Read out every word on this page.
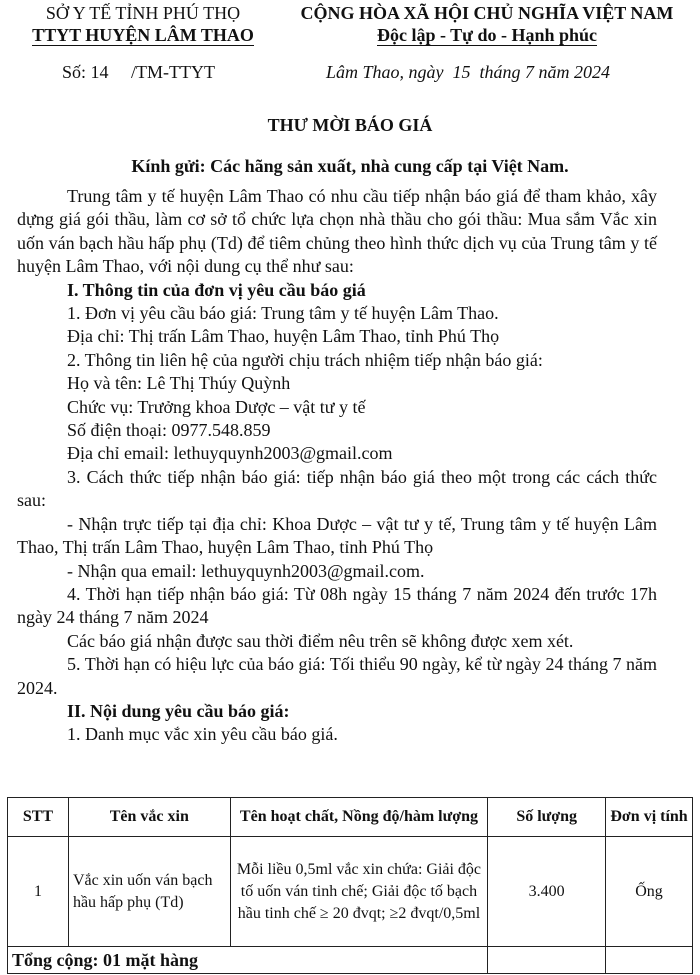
SỞ Y TẾ TỈNH PHÚ THỌ
TTYT HUYỆN LÂM THAO
CỘNG HÒA XÃ HỘI CHỦ NGHĨA VIỆT NAM
Độc lập - Tự do - Hạnh phúc
Số: 14     /TM-TTYT	Lâm Thao, ngày  15  tháng 7 năm 2024
THƯ MỜI BÁO GIÁ
Kính gửi: Các hãng sản xuất, nhà cung cấp tại Việt Nam.

Trung tâm y tế huyện Lâm Thao có nhu cầu tiếp nhận báo giá để tham khảo, xây dựng giá gói thầu, làm cơ sở tổ chức lựa chọn nhà thầu cho gói thầu: Mua sắm Vắc xin uốn ván bạch hầu hấp phụ (Td) để tiêm chủng theo hình thức dịch vụ của Trung tâm y tế huyện Lâm Thao, với nội dung cụ thể như sau:

I. Thông tin của đơn vị yêu cầu báo giá

1. Đơn vị yêu cầu báo giá: Trung tâm y tế huyện Lâm Thao.

Địa chỉ: Thị trấn Lâm Thao, huyện Lâm Thao, tỉnh Phú Thọ

2. Thông tin liên hệ của người chịu trách nhiệm tiếp nhận báo giá:

Họ và tên: Lê Thị Thúy Quỳnh

Chức vụ: Trưởng khoa Dược – vật tư y tế

Số điện thoại: 0977.548.859

Địa chỉ email: lethuyquynh2003@gmail.com

3. Cách thức tiếp nhận báo giá: tiếp nhận báo giá theo một trong các cách thức sau:

- Nhận trực tiếp tại địa chỉ: Khoa Dược – vật tư y tế, Trung tâm y tế huyện Lâm Thao, Thị trấn Lâm Thao, huyện Lâm Thao, tỉnh Phú Thọ

- Nhận qua email: lethuyquynh2003@gmail.com.

4. Thời hạn tiếp nhận báo giá: Từ 08h ngày 15 tháng 7 năm 2024 đến trước 17h ngày 24 tháng 7 năm 2024

Các báo giá nhận được sau thời điểm nêu trên sẽ không được xem xét.

5. Thời hạn có hiệu lực của báo giá: Tối thiểu 90 ngày, kể từ ngày 24 tháng 7 năm 2024.

II. Nội dung yêu cầu báo giá:

1. Danh mục vắc xin yêu cầu báo giá.

STT	Tên vắc xin	Tên hoạt chất, Nồng độ/hàm lượng	Số lượng	Đơn vị tính
1	Vắc xin uốn ván bạch hầu hấp phụ (Td)	Mỗi liều 0,5ml vắc xin chứa: Giải độc tố uốn ván tinh chế; Giải độc tố bạch hầu tinh chế ≥ 20 đvqt; ≥2 đvqt/0,5ml	3.400	Ống
Tổng cộng: 01 mặt hàng				
